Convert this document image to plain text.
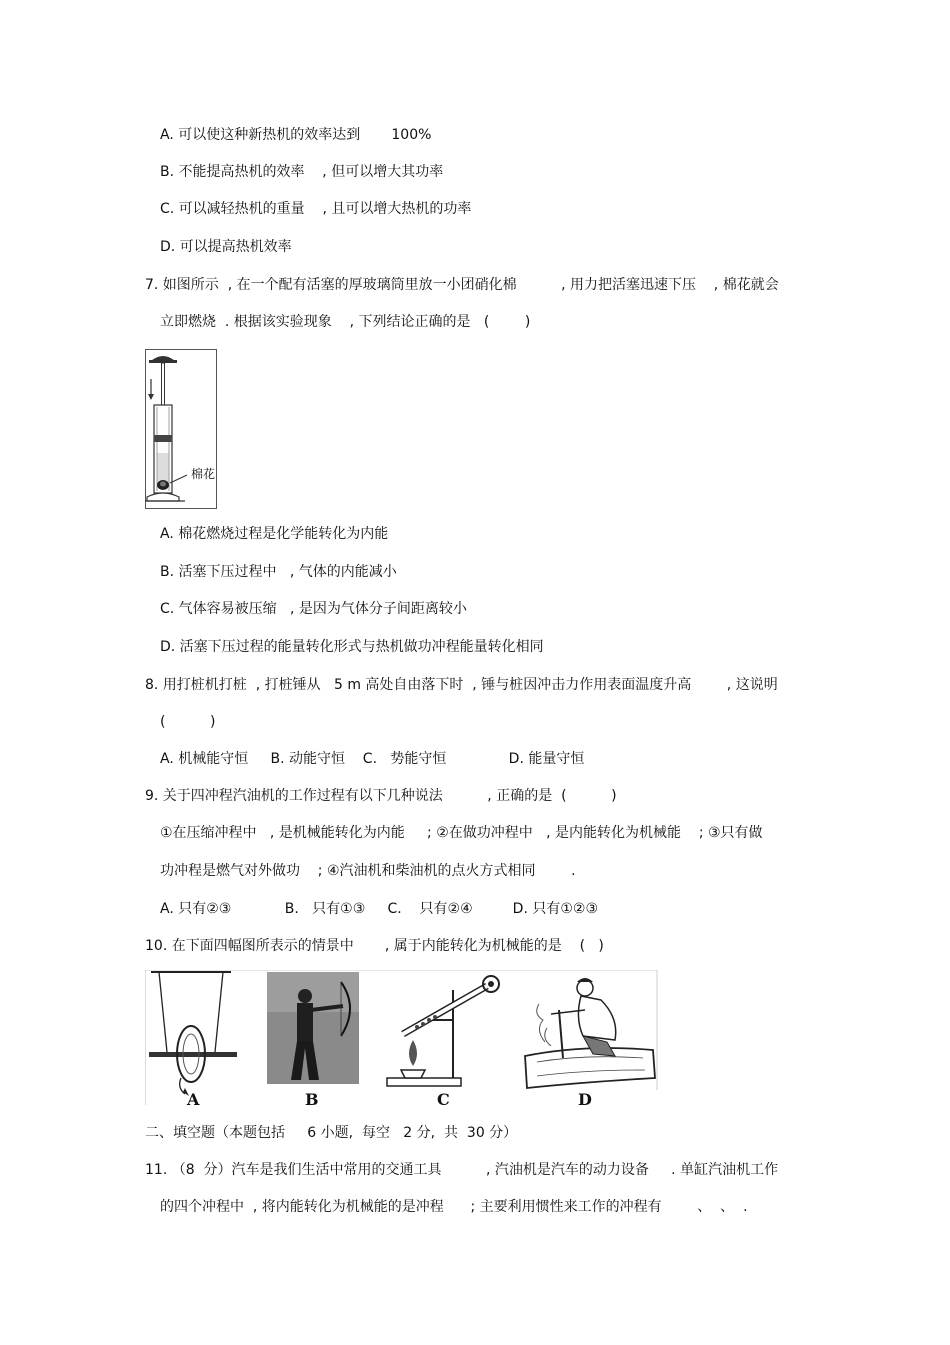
A. 可以使这种新热机的效率达到       100%
B. 不能提高热机的效率    , 但可以增大其功率
C. 可以减轻热机的重量    , 且可以增大热机的功率
D. 可以提高热机效率
7. 如图所示  , 在一个配有活塞的厚玻璃筒里放一小团硝化棉          , 用力把活塞迅速下压    , 棉花就会
立即燃烧  . 根据该实验现象    , 下列结论正确的是   (        )
棉花
A. 棉花燃烧过程是化学能转化为内能
B. 活塞下压过程中   , 气体的内能减小
C. 气体容易被压缩   , 是因为气体分子间距离较小
D. 活塞下压过程的能量转化形式与热机做功冲程能量转化相同
8. 用打桩机打桩  , 打桩锤从   5 m 高处自由落下时  , 锤与桩因冲击力作用表面温度升高        , 这说明
(          )
A. 机械能守恒     B. 动能守恒    C.   势能守恒              D. 能量守恒
9. 关于四冲程汽油机的工作过程有以下几种说法          , 正确的是  (          )
①在压缩冲程中   , 是机械能转化为内能     ; ②在做功冲程中   , 是内能转化为机械能    ; ③只有做
功冲程是燃气对外做功    ; ④汽油机和柴油机的点火方式相同        .
A. 只有②③            B.   只有①③     C.    只有②④         D. 只有①②③
10. 在下面四幅图所表示的情景中       , 属于内能转化为机械能的是    (   )
A	B	C	D
二、填空题（本题包括     6 小题,  每空   2 分,  共  30 分）
11. （8  分）汽车是我们生活中常用的交通工具          , 汽油机是汽车的动力设备     . 单缸汽油机工作
的四个冲程中  , 将内能转化为机械能的是冲程      ; 主要利用惯性来工作的冲程有        、  、  .
